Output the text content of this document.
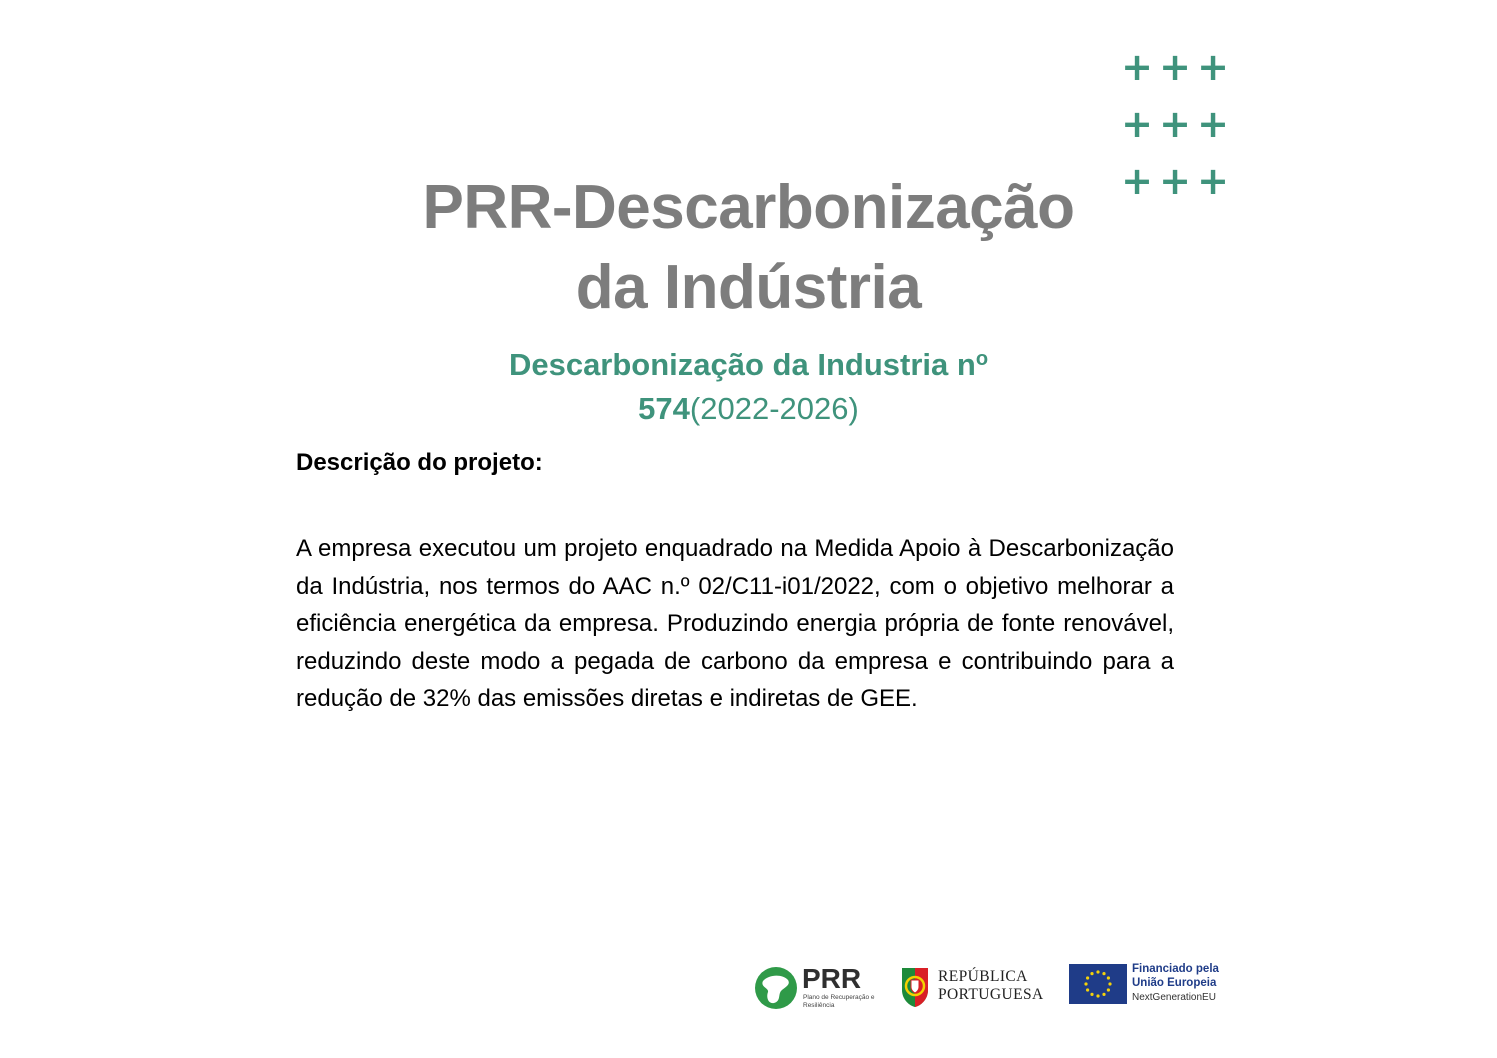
+ + +
+ + +
+ + +
PRR-Descarbonização
da Indústria
Descarbonização da Industria $n^o$
574(2022-2026)

Descrição do projeto:

A empresa executou um projeto enquadrado na Medida Apoio à Descarbonização da Indústria, nos termos do AAC n.º 02/C11-i01/2022, com o objetivo melhorar a eficiência energética da empresa. Produzindo energia própria de fonte renovável, reduzindo deste modo a pegada de carbono da empresa e contribuindo para a redução de 32% das emissões diretas e indiretas de GEE.

PRR
Plano de Recuperação e Resiliência
REPÚBLICA
PORTUGUESA
Financiado pela
União Europeia
NextGenerationEU
